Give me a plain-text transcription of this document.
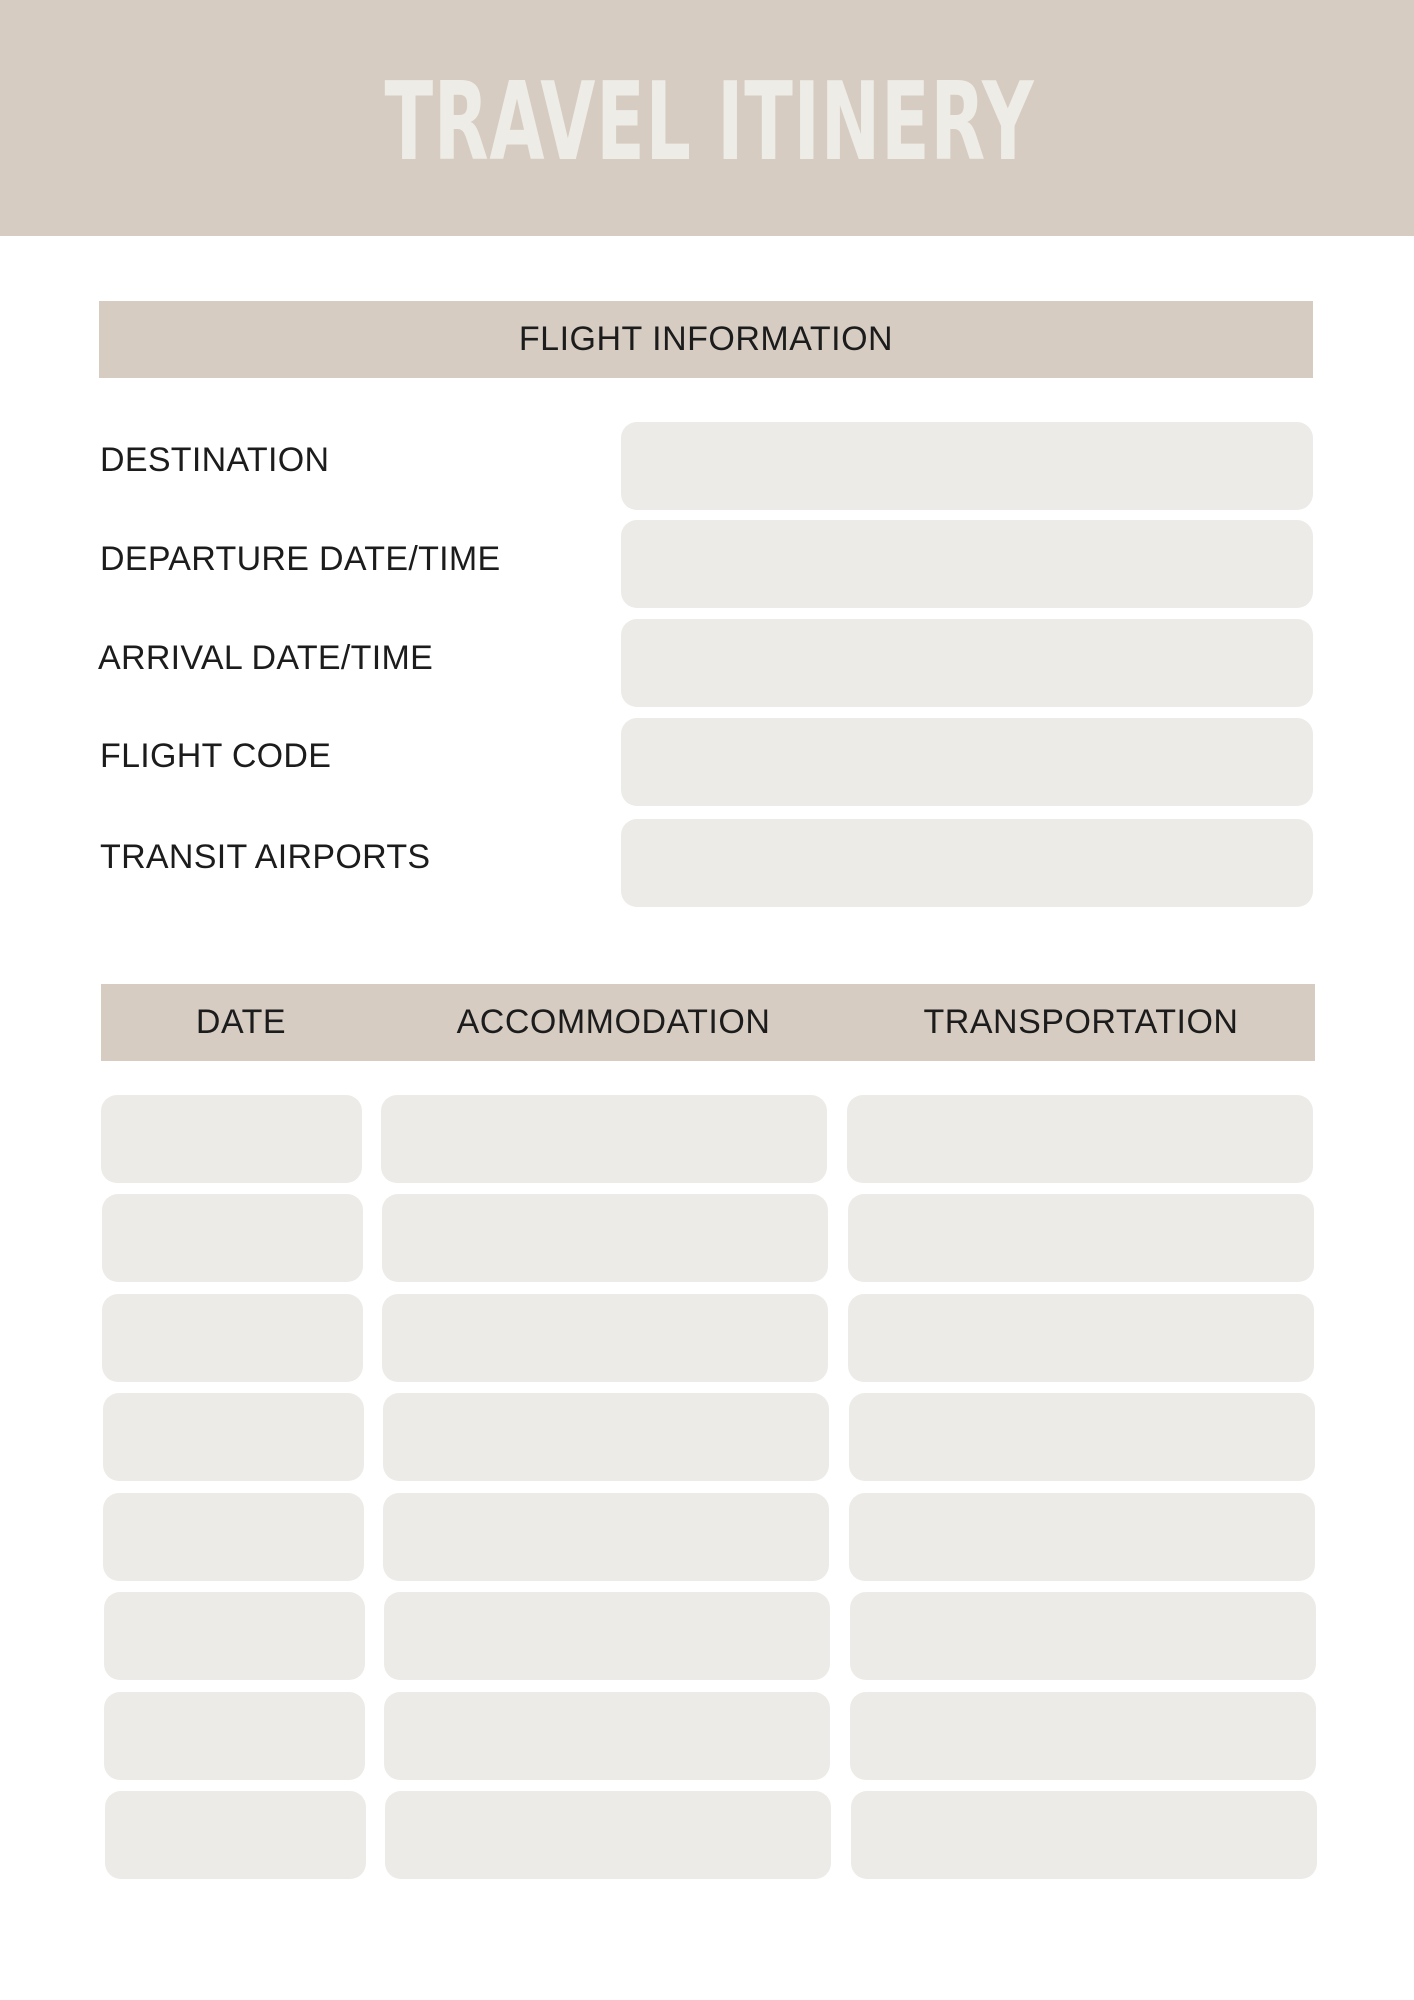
TRAVEL ITINERY
FLIGHT INFORMATION
DESTINATION
DEPARTURE DATE/TIME
ARRIVAL DATE/TIME
FLIGHT CODE
TRANSIT AIRPORTS
DATE	ACCOMMODATION	TRANSPORTATION
